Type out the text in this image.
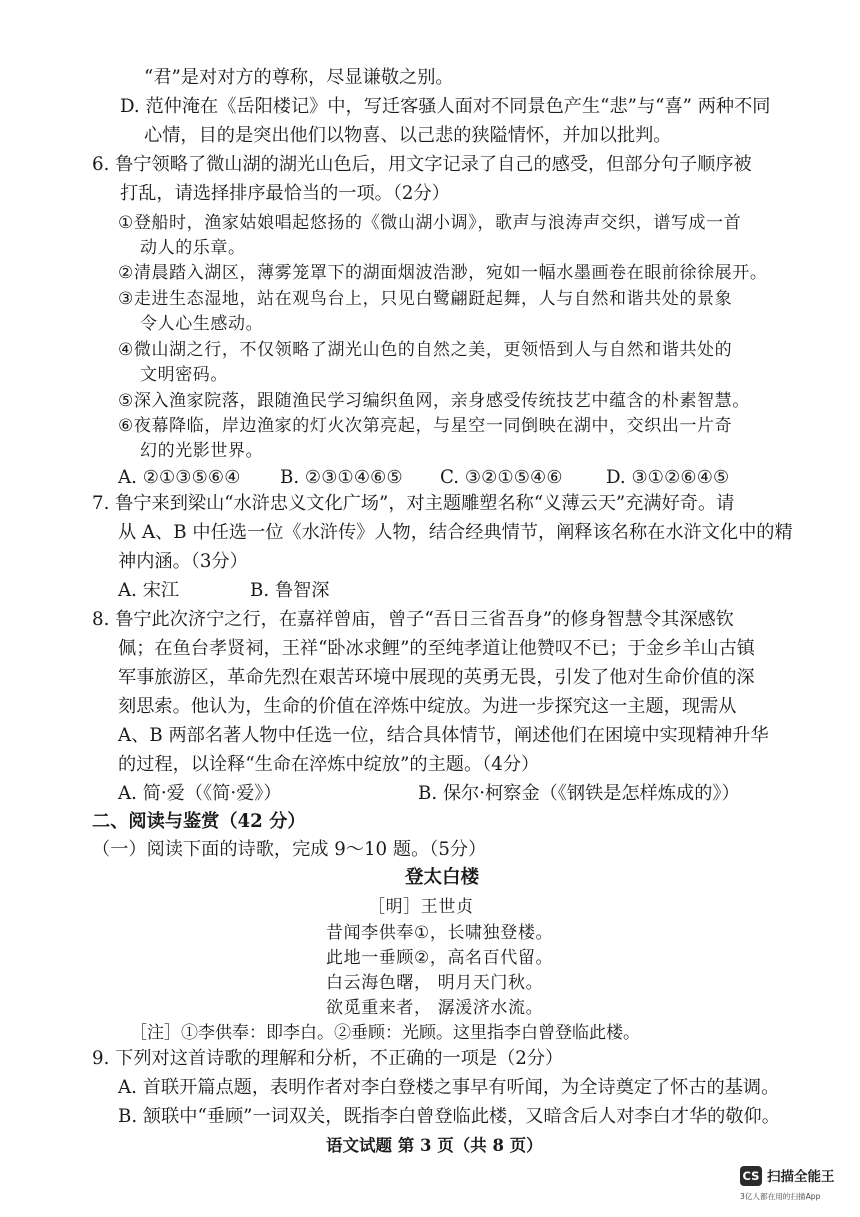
“君”是对对方的尊称，尽显谦敬之别。
D. 范仲淹在《岳阳楼记》中，写迁客骚人面对不同景色产生“悲”与“喜” 两种不同
心情，目的是突出他们以物喜、以己悲的狭隘情怀，并加以批判。
6. 鲁宁领略了微山湖的湖光山色后，用文字记录了自己的感受，但部分句子顺序被
打乱，请选择排序最恰当的一项。（2分）
①登船时，渔家姑娘唱起悠扬的《微山湖小调》，歌声与浪涛声交织，谱写成一首
动人的乐章。
②清晨踏入湖区，薄雾笼罩下的湖面烟波浩渺，宛如一幅水墨画卷在眼前徐徐展开。
③走进生态湿地，站在观鸟台上，只见白鹭翩跹起舞，人与自然和谐共处的景象
令人心生感动。
④微山湖之行，不仅领略了湖光山色的自然之美，更领悟到人与自然和谐共处的
文明密码。
⑤深入渔家院落，跟随渔民学习编织鱼网，亲身感受传统技艺中蕴含的朴素智慧。
⑥夜幕降临，岸边渔家的灯火次第亮起，与星空一同倒映在湖中，交织出一片奇
幻的光影世界。
A. ②①③⑤⑥④ B. ②③①④⑥⑤ C. ③②①⑤④⑥ D. ③①②⑥④⑤
7. 鲁宁来到梁山“水浒忠义文化广场”，对主题雕塑名称“义薄云天”充满好奇。请
从 A、B 中任选一位《水浒传》人物，结合经典情节，阐释该名称在水浒文化中的精
神内涵。（3分）
A. 宋江	B. 鲁智深
8. 鲁宁此次济宁之行，在嘉祥曾庙，曾子“吾日三省吾身”的修身智慧令其深感钦
佩；在鱼台孝贤祠，王祥“卧冰求鲤”的至纯孝道让他赞叹不已；于金乡羊山古镇
军事旅游区，革命先烈在艰苦环境中展现的英勇无畏，引发了他对生命价值的深
刻思索。他认为，生命的价值在淬炼中绽放。为进一步探究这一主题，现需从
A、B 两部名著人物中任选一位，结合具体情节，阐述他们在困境中实现精神升华
的过程，以诠释“生命在淬炼中绽放”的主题。（4分）
A. 简·爱（《简·爱》）	B. 保尔·柯察金（《钢铁是怎样炼成的》）
二、阅读与鉴赏（42 分）
（一）阅读下面的诗歌，完成 9～10 题。（5分）
登太白楼
［明］王世贞
昔闻李供奉①，长啸独登楼。
此地一垂顾②，高名百代留。
白云海色曙， 明月天门秋。
欲觅重来者， 潺湲济水流。
［注］①李供奉：即李白。②垂顾：光顾。这里指李白曾登临此楼。
9. 下列对这首诗歌的理解和分析，不正确的一项是（2分）
A. 首联开篇点题，表明作者对李白登楼之事早有听闻，为全诗奠定了怀古的基调。
B. 颔联中“垂顾”一词双关，既指李白曾登临此楼，又暗含后人对李白才华的敬仰。
语文试题 第 3 页（共 8 页）
CS 扫描全能王
3亿人都在用的扫描App
